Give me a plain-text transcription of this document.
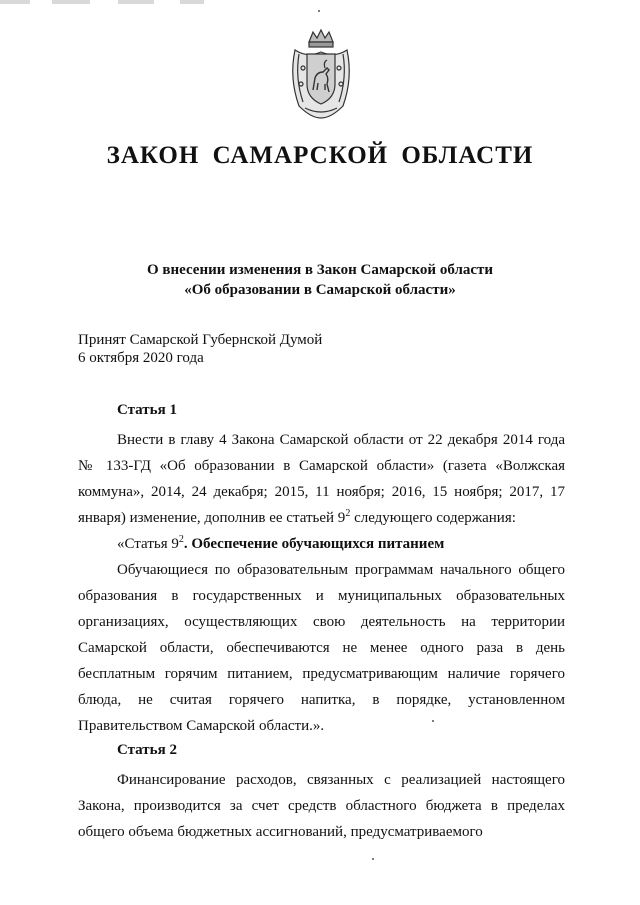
ЗАКОН САМАРСКОЙ ОБЛАСТИ
О внесении изменения в Закон Самарской области
«Об образовании в Самарской области»
Принят Самарской Губернской Думой
6 октября 2020 года

Статья 1

Внести в главу 4 Закона Самарской области от 22 декабря 2014 года № 133-ГД «Об образовании в Самарской области» (газета «Волжская коммуна», 2014, 24 декабря; 2015, 11 ноября; 2016, 15 ноября; 2017, 17 января) изменение, дополнив ее статьей $9^2$ следующего содержания:

«Статья $9^2$. Обеспечение обучающихся питанием

Обучающиеся по образовательным программам начального общего образования в государственных и муниципальных образовательных организациях, осуществляющих свою деятельность на территории Самарской области, обеспечиваются не менее одного раза в день бесплатным горячим питанием, предусматривающим наличие горячего блюда, не считая горячего напитка, в порядке, установленном Правительством Самарской области.».

Статья 2

Финансирование расходов, связанных с реализацией настоящего Закона, производится за счет средств областного бюджета в пределах общего объема бюджетных ассигнований, предусматриваемого
